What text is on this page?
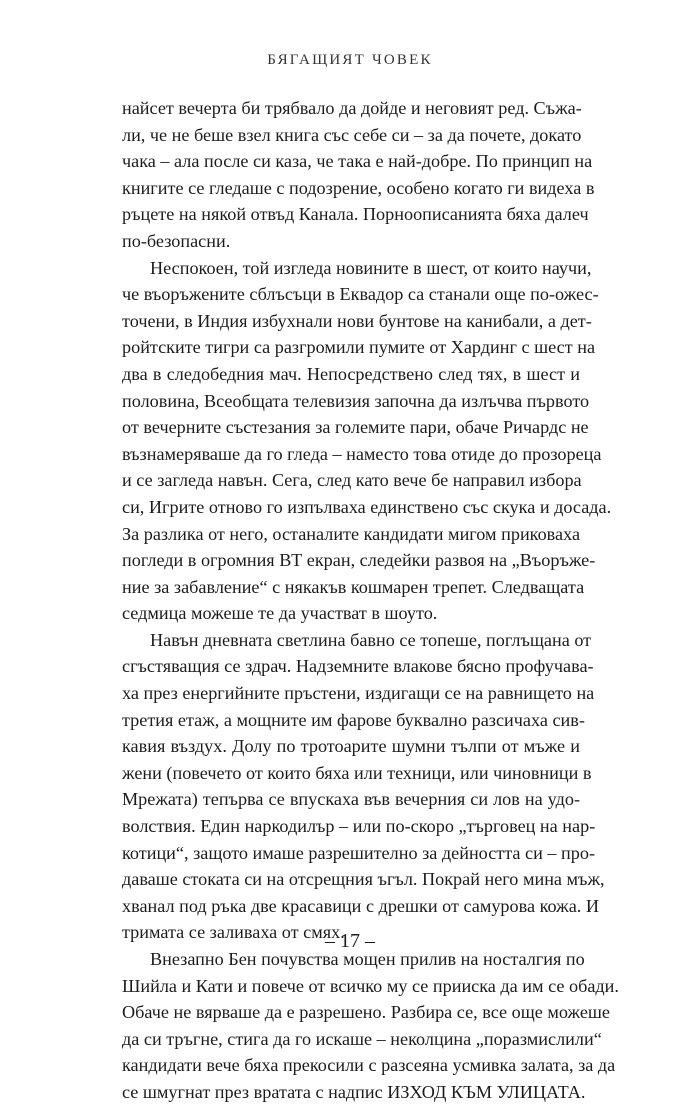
БЯГАЩИЯТ ЧОВЕК
найсет вечерта би трябвало да дойде и неговият ред. Съжа-
ли, че не беше взел книга със себе си – за да почете, докато
чака – ала после си каза, че така е най-добре. По принцип на
книгите се гледаше с подозрение, особено когато ги видеха в
ръцете на някой отвъд Канала. Порноописанията бяха далеч
по-безопасни.
Неспокоен, той изгледа новините в шест, от които научи,
че въоръжените сблъсъци в Еквадор са станали още по-ожес-
точени, в Индия избухнали нови бунтове на канибали, а дет-
ройтските тигри са разгромили пумите от Хардинг с шест на
два в следобедния мач. Непосредствено след тях, в шест и
половина, Всеобщата телевизия започна да излъчва първото
от вечерните състезания за големите пари, обаче Ричардс не
възнамеряваше да го гледа – наместо това отиде до прозореца
и се загледа навън. Сега, след като вече бе направил избора
си, Игрите отново го изпълваха единствено със скука и досада.
За разлика от него, останалите кандидати мигом приковаха
погледи в огромния ВТ екран, следейки развоя на „Въоръже-
ние за забавление“ с някакъв кошмарен трепет. Следващата
седмица можеше те да участват в шоуто.
Навън дневната светлина бавно се топеше, поглъщана от
сгъстяващия се здрач. Надземните влакове бясно профучава-
ха през енергийните пръстени, издигащи се на равнището на
третия етаж, а мощните им фарове буквално разсичаха сив-
кавия въздух. Долу по тротоарите шумни тълпи от мъже и
жени (повечето от които бяха или техници, или чиновници в
Мрежата) тепърва се впускаха във вечерния си лов на удо-
волствия. Един наркодилър – или по-скоро „търговец на нар-
котици“, защото имаше разрешително за дейността си – про-
даваше стоката си на отсрещния ъгъл. Покрай него мина мъж,
хванал под ръка две красавици с дрешки от самурова кожа. И
тримата се заливаха от смях.
Внезапно Бен почувства мощен прилив на носталгия по
Шийла и Кати и повече от всичко му се прииска да им се обади.
Обаче не вярваше да е разрешено. Разбира се, все още можеше
да си тръгне, стига да го искаше – неколцина „поразмислили“
кандидати вече бяха прекосили с разсеяна усмивка залата, за да
се шмугнат през вратата с надпис ИЗХОД КЪМ УЛИЦАТА.
– 17 –
